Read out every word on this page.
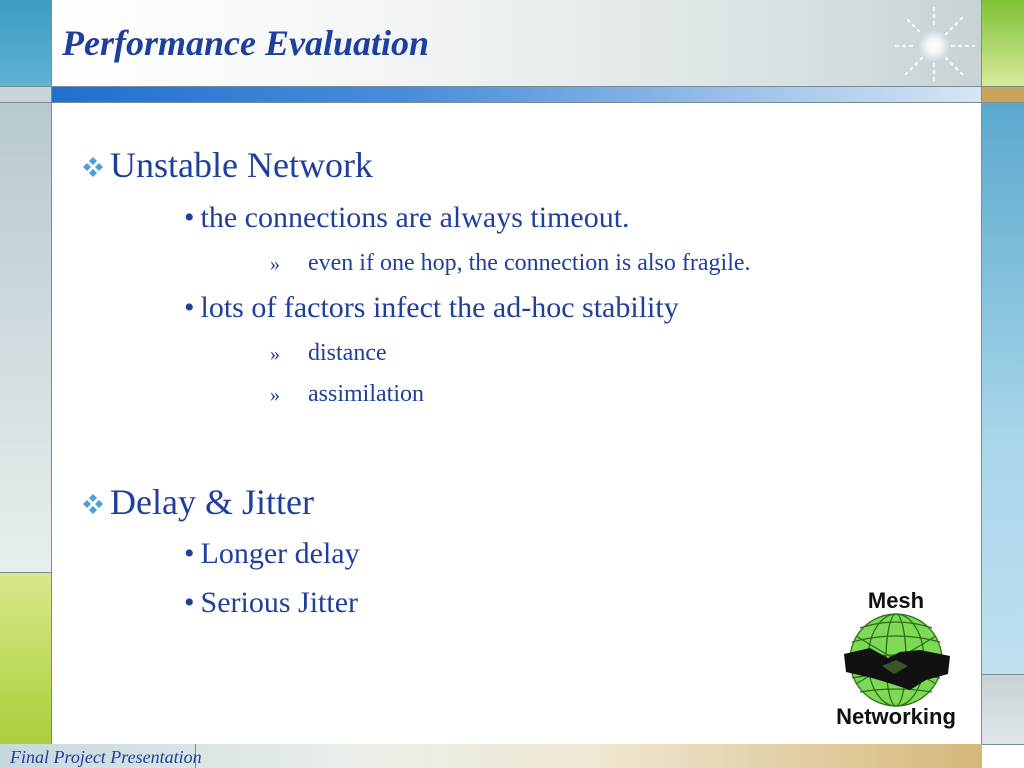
Performance Evaluation
Unstable Network
• the connections are always timeout.
» even if one hop, the connection is also fragile.
• lots of factors infect the ad-hoc stability
» distance
» assimilation
Delay & Jitter
• Longer delay
• Serious Jitter	Mesh
Networking
Final Project Presentation
